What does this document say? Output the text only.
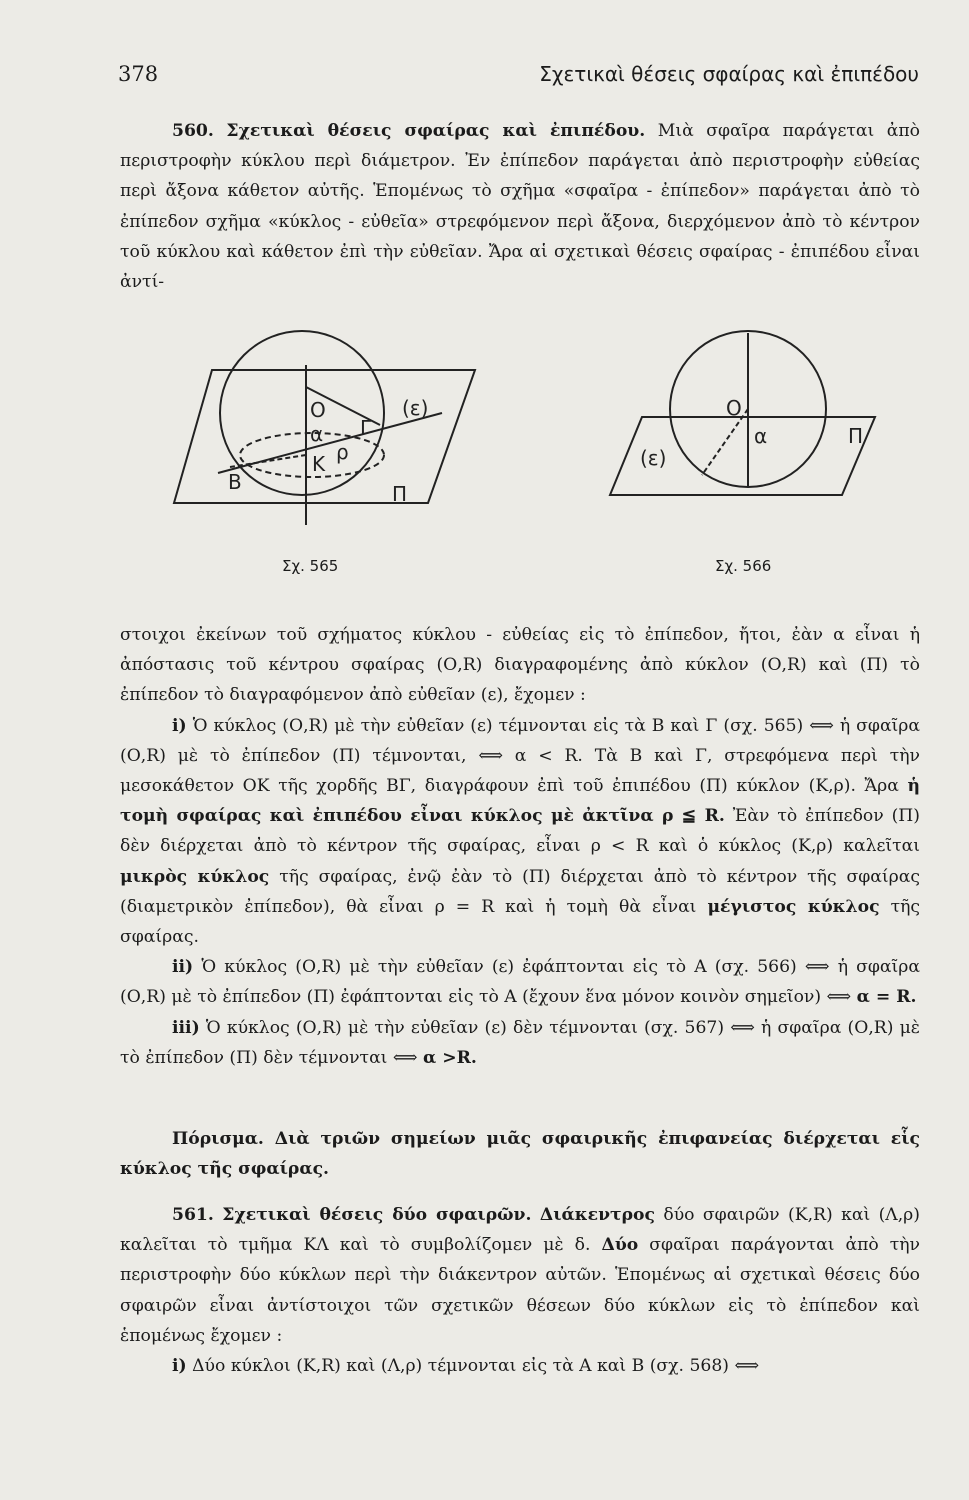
378	Σχετικαὶ θέσεις σφαίρας καὶ ἐπιπέδου

560. Σχετικαὶ θέσεις σφαίρας καὶ ἐπιπέδου. Μιὰ σφαῖρα παράγεται ἀπὸ περιστροφὴν κύκλου περὶ διάμετρον. Ἐν ἐπίπεδον παράγεται ἀπὸ περιστροφὴν εὐθείας περὶ ἄξονα κάθετον αὐτῆς. Ἑπομένως τὸ σχῆμα «σφαῖρα - ἐπίπεδον» παράγεται ἀπὸ τὸ ἐπίπεδον σχῆμα «κύκλος - εὐθεῖα» στρεφόμενον περὶ ἄξονα, διερχόμενον ἀπὸ τὸ κέντρον τοῦ κύκλου καὶ κάθετον ἐπὶ τὴν εὐθεῖαν. Ἄρα αἱ σχετικαὶ θέσεις σφαίρας - ἐπιπέδου εἶναι ἀντί-

O
α Γ
(ε)
Κ ρ
Β	Π
Ο
α	Π
(ε)
Σχ. 565	Σχ. 566

στοιχοι ἐκείνων τοῦ σχήματος κύκλου - εὐθείας εἰς τὸ ἐπίπεδον, ἤτοι, ἐὰν α εἶναι ἡ ἀπόστασις τοῦ κέντρου σφαίρας (Ο,R) διαγραφομένης ἀπὸ κύκλον (Ο,R) καὶ (Π) τὸ ἐπίπεδον τὸ διαγραφόμενον ἀπὸ εὐθεῖαν (ε), ἔχομεν :

i) Ὁ κύκλος (Ο,R) μὲ τὴν εὐθεῖαν (ε) τέμνονται εἰς τὰ Β καὶ Γ (σχ. 565) ⟺ ἡ σφαῖρα (Ο,R) μὲ τὸ ἐπίπεδον (Π) τέμνονται, ⟺ α < R. Τὰ Β καὶ Γ, στρεφόμενα περὶ τὴν μεσοκάθετον ΟΚ τῆς χορδῆς ΒΓ, διαγράφουν ἐπὶ τοῦ ἐπιπέδου (Π) κύκλον (Κ,ρ). Ἄρα ἡ τομὴ σφαίρας καὶ ἐπιπέδου εἶναι κύκλος μὲ ἀκτῖνα ρ ≦ R. Ἐὰν τὸ ἐπίπεδον (Π) δὲν διέρχεται ἀπὸ τὸ κέντρον τῆς σφαίρας, εἶναι ρ < R καὶ ὁ κύκλος (Κ,ρ) καλεῖται μικρὸς κύκλος τῆς σφαίρας, ἐνῷ ἐὰν τὸ (Π) διέρχεται ἀπὸ τὸ κέντρον τῆς σφαίρας (διαμετρικὸν ἐπίπεδον), θὰ εἶναι ρ = R καὶ ἡ τομὴ θὰ εἶναι μέγιστος κύκλος τῆς σφαίρας.

ii) Ὁ κύκλος (Ο,R) μὲ τὴν εὐθεῖαν (ε) ἐφάπτονται εἰς τὸ Α (σχ. 566) ⟺ ἡ σφαῖρα (Ο,R) μὲ τὸ ἐπίπεδον (Π) ἐφάπτονται εἰς τὸ Α (ἔχουν ἕνα μόνον κοινὸν σημεῖον) ⟺ α = R.

iii) Ὁ κύκλος (Ο,R) μὲ τὴν εὐθεῖαν (ε) δὲν τέμνονται (σχ. 567) ⟺ ἡ σφαῖρα (Ο,R) μὲ τὸ ἐπίπεδον (Π) δὲν τέμνονται ⟺ α >R.

Πόρισμα. Διὰ τριῶν σημείων μιᾶς σφαιρικῆς ἐπιφανείας διέρχεται εἷς κύκλος τῆς σφαίρας.

561. Σχετικαὶ θέσεις δύο σφαιρῶν. Διάκεντρος δύο σφαιρῶν (Κ,R) καὶ (Λ,ρ) καλεῖται τὸ τμῆμα ΚΛ καὶ τὸ συμβολίζομεν μὲ δ. Δύο σφαῖραι παράγονται ἀπὸ τὴν περιστροφὴν δύο κύκλων περὶ τὴν διάκεντρον αὐτῶν. Ἑπομένως αἱ σχετικαὶ θέσεις δύο σφαιρῶν εἶναι ἀντίστοιχοι τῶν σχετικῶν θέσεων δύο κύκλων εἰς τὸ ἐπίπεδον καὶ ἑπομένως ἔχομεν :

i) Δύο κύκλοι (Κ,R) καὶ (Λ,ρ) τέμνονται εἰς τὰ Α καὶ Β (σχ. 568) ⟺
